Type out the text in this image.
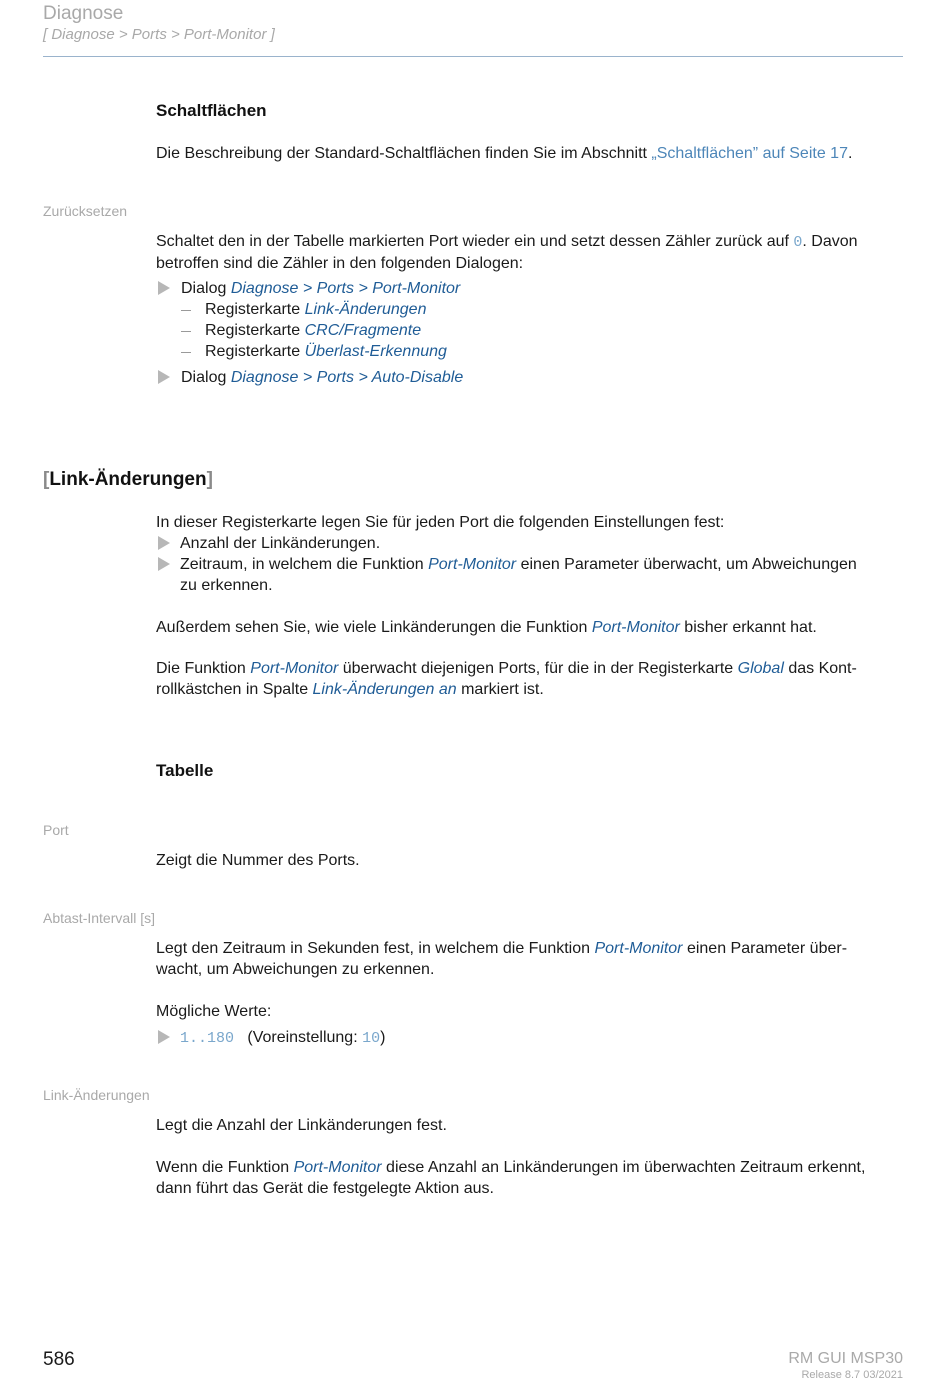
Diagnose
[ Diagnose > Ports > Port-Monitor ]
Schaltflächen
Die Beschreibung der Standard-Schaltflächen finden Sie im Abschnitt „Schaltflächen” auf Seite 17.
Zurücksetzen
Schaltet den in der Tabelle markierten Port wieder ein und setzt dessen Zähler zurück auf 0. Davon
betroffen sind die Zähler in den folgenden Dialogen:
Dialog Diagnose > Ports > Port-Monitor
Registerkarte Link-Änderungen
Registerkarte CRC/Fragmente
Registerkarte Überlast-Erkennung
Dialog Diagnose > Ports > Auto-Disable
[Link-Änderungen]
In dieser Registerkarte legen Sie für jeden Port die folgenden Einstellungen fest:
Anzahl der Linkänderungen.
Zeitraum, in welchem die Funktion Port-Monitor einen Parameter überwacht, um Abweichungen
zu erkennen.
Außerdem sehen Sie, wie viele Linkänderungen die Funktion Port-Monitor bisher erkannt hat.
Die Funktion Port-Monitor überwacht diejenigen Ports, für die in der Registerkarte Global das Kont-
rollkästchen in Spalte Link-Änderungen an markiert ist.
Tabelle
Port
Zeigt die Nummer des Ports.
Abtast-Intervall [s]
Legt den Zeitraum in Sekunden fest, in welchem die Funktion Port-Monitor einen Parameter über-
wacht, um Abweichungen zu erkennen.
Mögliche Werte:
1..180 (Voreinstellung: 10)
Link-Änderungen
Legt die Anzahl der Linkänderungen fest.
Wenn die Funktion Port-Monitor diese Anzahl an Linkänderungen im überwachten Zeitraum erkennt,
dann führt das Gerät die festgelegte Aktion aus.
586	RM GUI MSP30
Release 8.7 03/2021
